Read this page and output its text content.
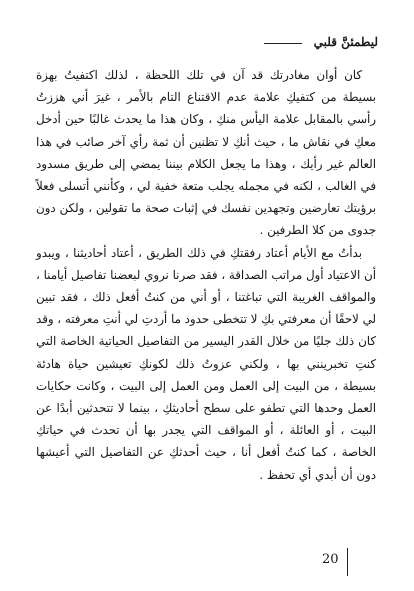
ليطمئنَّ قلبي

كان أوان مغادرتك قد آن في تلك اللحظة ، لذلك اكتفيتُ بهزة بسيطة من كتفيكِ علامة عدم الاقتناع التام بالأمر ، غيرَ أني هززتُ رأسي بالمقابل علامة اليأس منكِ ، وكان هذا ما يحدث غالبًا حين أدخل معكِ في نقاش ما ، حيث أنكِ لا تظنين أن ثمة رأي آخر صائب في هذا العالم غير رأيك ، وهذا ما يجعل الكلام بيننا يمضي إلى طريق مسدود في الغالب ، لكنه في مجمله يجلب متعة خفية لي ، وكأنني أتسلى فعلاً برؤيتك تعارضين وتجهدين نفسك في إثبات صحة ما تقولين ، ولكن دون جدوى من كلا الطرفين .

بدأتُ مع الأيام أعتاد رفقتكِ في ذلك الطريق ، أعتاد أحاديثنا ، ويبدو أن الاعتياد أول مراتب الصداقة ، فقد صرنا نروي لبعضنا تفاصيل أيامنا ، والمواقف الغريبة التي تباغتنا ، أو أني من كنتُ أفعل ذلك ، فقد تبين لي لاحقًا أن معرفتي بكِ لا تتخطى حدود ما أردتِ لي أنتِ معرفته ، وقد كان ذلك جليًا من خلال القدر اليسير من التفاصيل الحياتية الخاصة التي كنتِ تخبرينني بها ، ولكني عزوتُ ذلك لكونكِ تعيشين حياة هادئة بسيطة ، من البيت إلى العمل ومن العمل إلى البيت ، وكانت حكايات العمل وحدها التي تطفو على سطح أحاديثكِ ، بينما لا تتحدثين أبدًا عن البيت ، أو العائلة ، أو المواقف التي يجدر بها أن تحدث في حياتكِ الخاصة ، كما كنتُ أفعل أنا ، حيث أحدثكِ عن التفاصيل التي أعيشها دون أن أبدي أي تحفظ .

20
